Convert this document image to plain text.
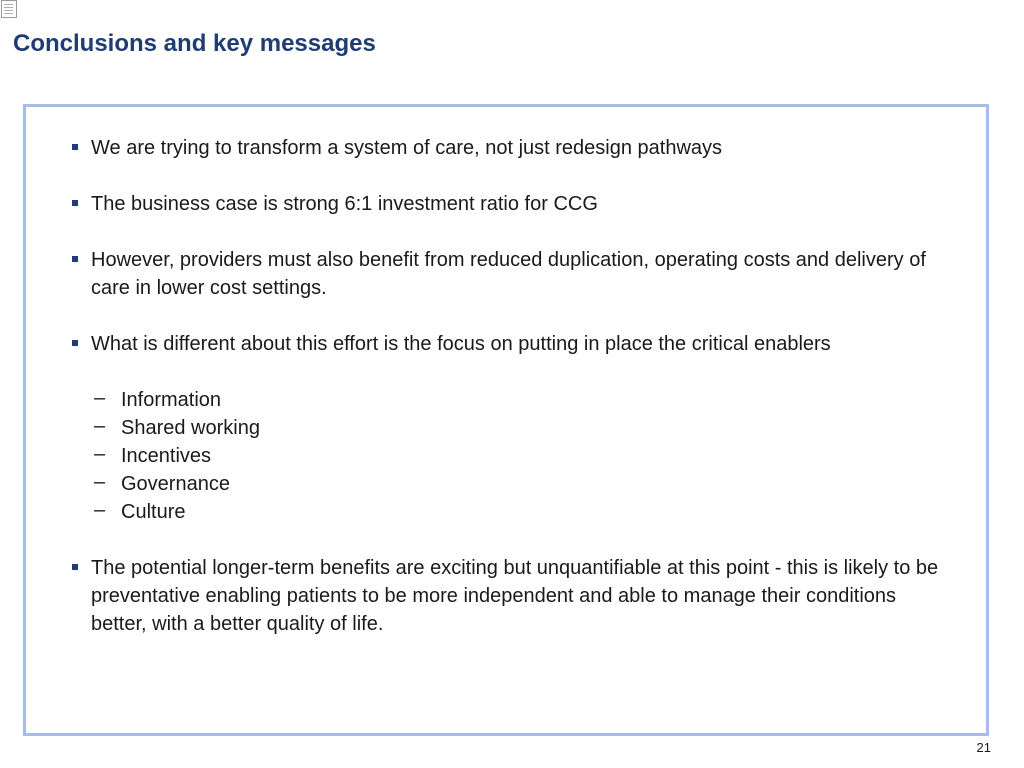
Conclusions and key messages
We are trying to transform a system of care, not just redesign pathways
The business case is strong 6:1 investment ratio for CCG
However, providers must also benefit from reduced duplication, operating costs and delivery of care in lower cost settings.
What is different about this effort is the focus on putting in place the critical enablers
– Information
– Shared working
– Incentives
– Governance
– Culture
The potential longer-term benefits are exciting but unquantifiable at this point - this is likely to be preventative enabling patients to be more independent and able to manage their conditions better, with a better quality of life.
21
